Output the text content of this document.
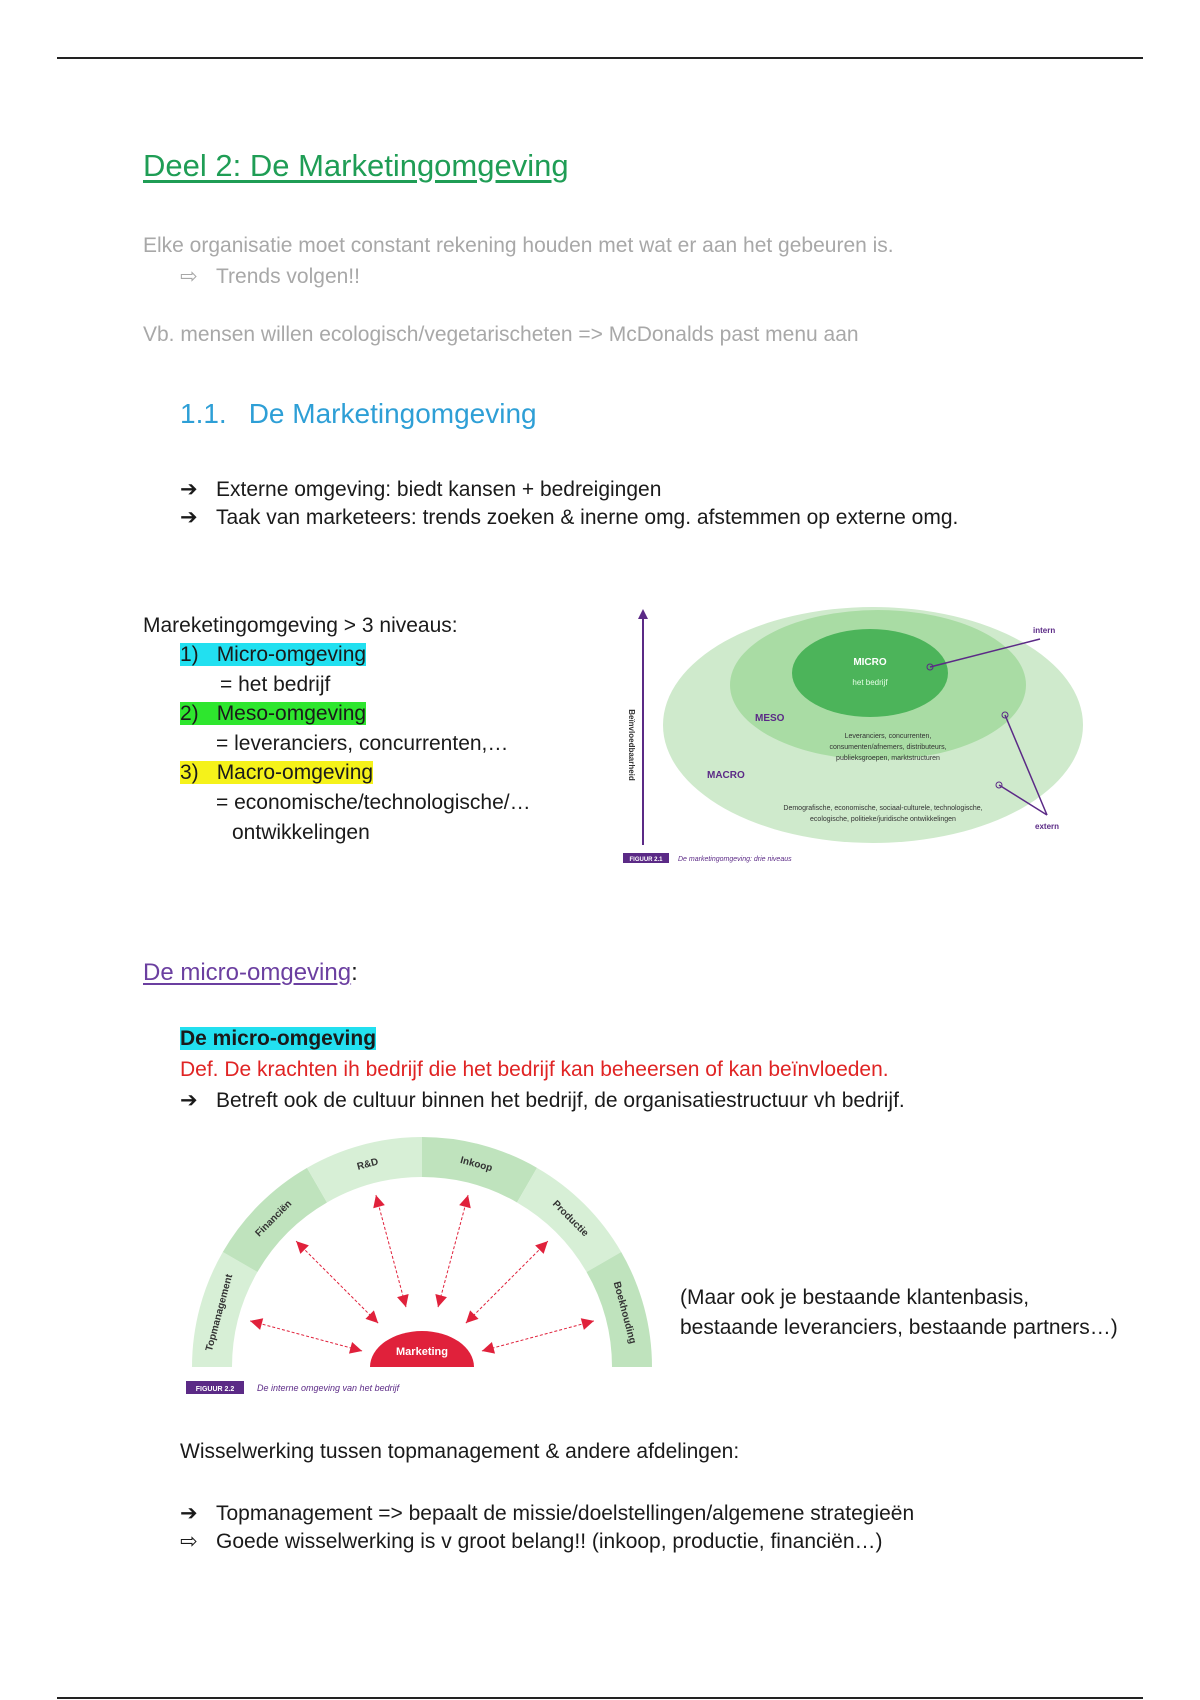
Deel 2: De Marketingomgeving
Elke organisatie moet constant rekening houden met wat er aan het gebeuren is.
⇨ Trends volgen!!
Vb. mensen willen ecologisch/vegetarischeten => McDonalds past menu aan
1.1. De Marketingomgeving
➔ Externe omgeving: biedt kansen + bedreigingen
➔ Taak van marketeers: trends zoeken & inerne omg. afstemmen op externe omg.
Mareketingomgeving > 3 niveaus:
1) Micro-omgeving
= het bedrijf
2) Meso-omgeving
= leveranciers, concurrenten,…
3) Macro-omgeving
= economische/technologische/…
ontwikkelingen
Beïnvloedbaarheid
MICRO
het bedrijf
MESO
Leveranciers, concurrenten,
consumenten/afnemers, distributeurs,
publieksgroepen, marktstructuren
MACRO
Demografische, economische, sociaal-culturele, technologische,
ecologische, politieke/juridische ontwikkelingen
intern
extern
FIGUUR 2.1 De marketingomgeving: drie niveaus
De micro-omgeving:
De micro-omgeving
Def. De krachten ih bedrijf die het bedrijf kan beheersen of kan beïnvloeden.
➔ Betreft ook de cultuur binnen het bedrijf, de organisatiestructuur vh bedrijf.
Topmanagement
Financiën
R&D	Inkoop
Productie
Boekhouding
Marketing
FIGUUR 2.2	De interne omgeving van het bedrijf
(Maar ook je bestaande klantenbasis,
bestaande leveranciers, bestaande partners…)
Wisselwerking tussen topmanagement & andere afdelingen:
➔ Topmanagement => bepaalt de missie/doelstellingen/algemene strategieën
⇨ Goede wisselwerking is v groot belang!! (inkoop, productie, financiën…)
